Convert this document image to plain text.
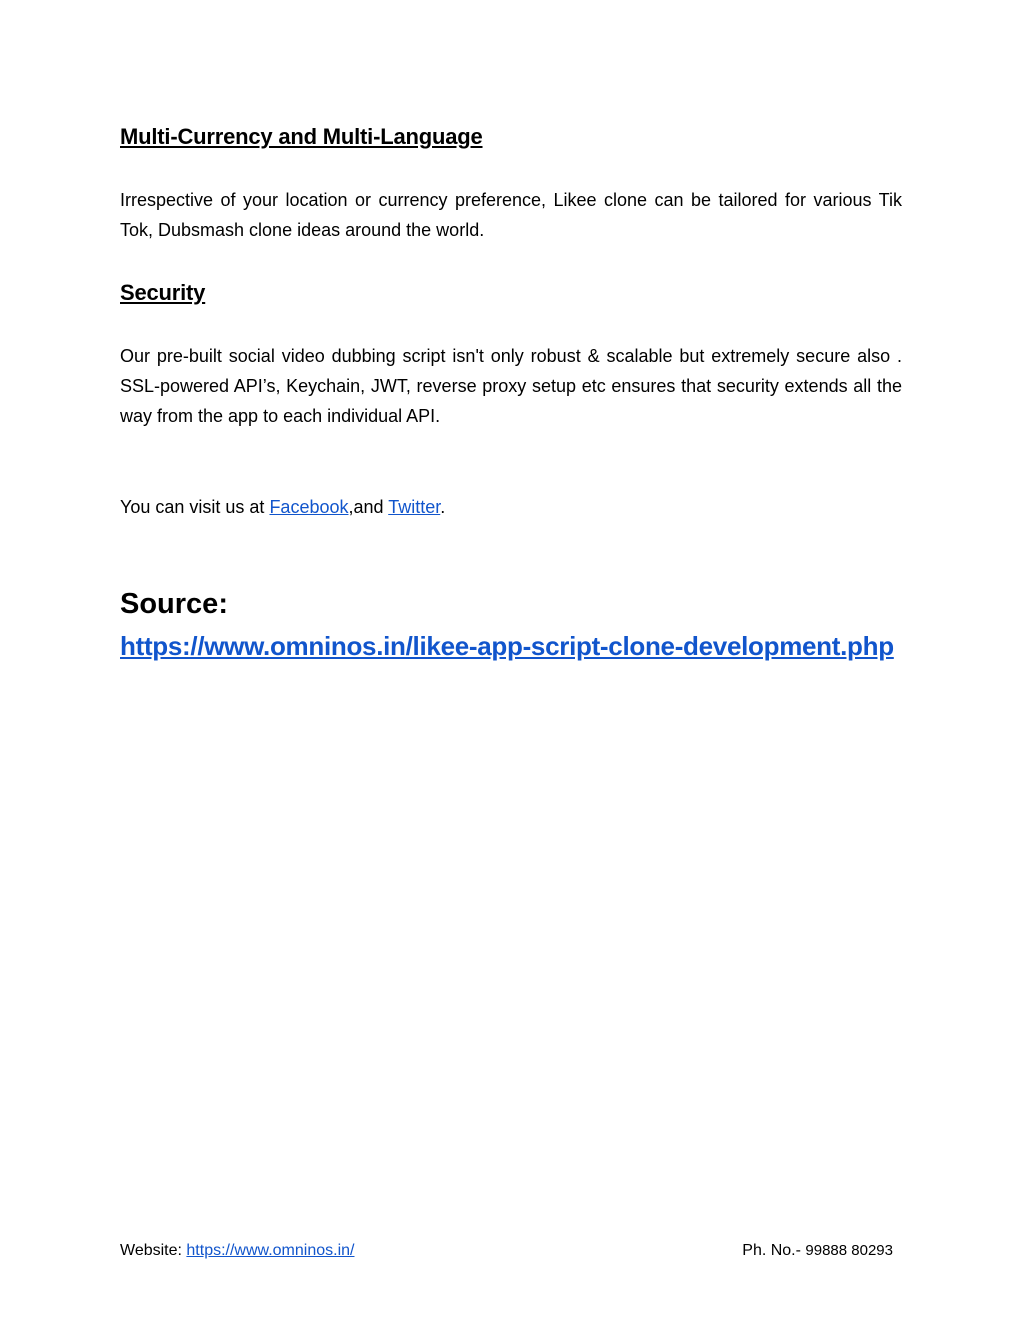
Multi-Currency and Multi-Language
Irrespective of your location or currency preference, Likee clone can be tailored for various Tik Tok, Dubsmash clone ideas around the world.
Security
Our pre-built social video dubbing script isn't only robust & scalable but extremely secure also . SSL-powered API’s, Keychain, JWT, reverse proxy setup etc ensures that security extends all the way from the app to each individual API.
You can visit us at Facebook,and Twitter.
Source:
https://www.omninos.in/likee-app-script-clone-development.php
Website: https://www.omninos.in/	Ph. No.- 99888 80293
